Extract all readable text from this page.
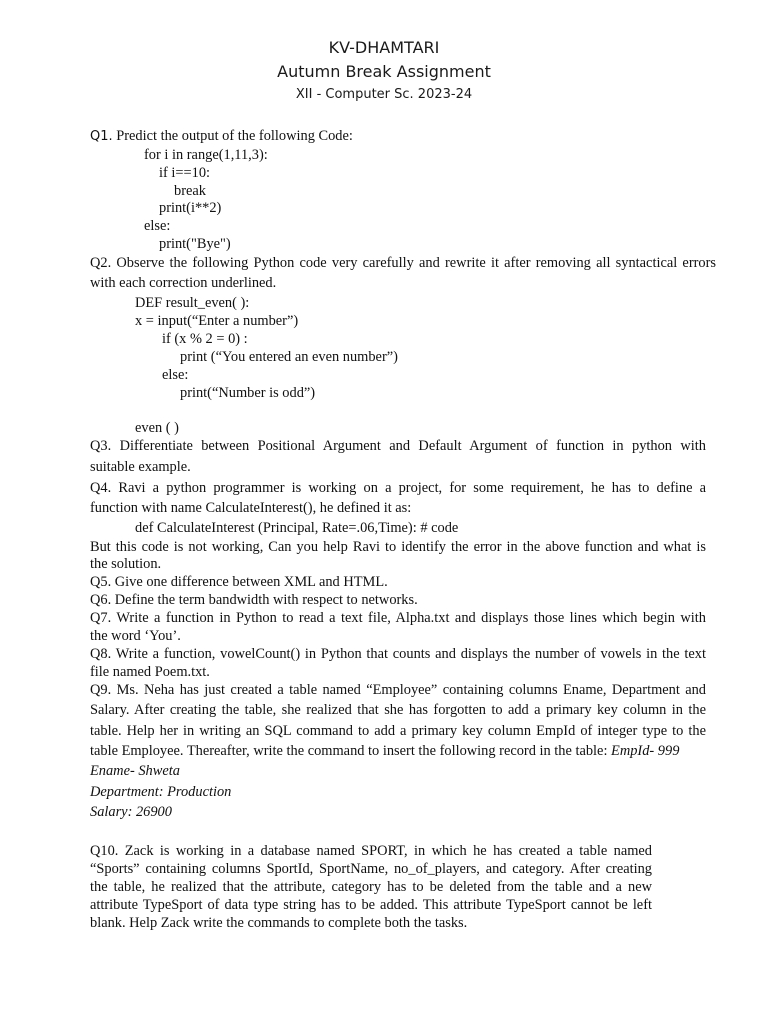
KV-DHAMTARI
Autumn Break Assignment
XII - Computer Sc. 2023-24
Q1. Predict the output of the following Code:
for i in range(1,11,3):
if i==10:
break
print(i**2)
else:
print("Bye")
Q2. Observe the following Python code very carefully and rewrite it after removing all syntactical errors
with each correction underlined.
DEF result_even( ):
x = input(“Enter a number”)
if (x % 2 = 0) :
print (“You entered an even number”)
else:
print(“Number is odd”)
even ( )
Q3. Differentiate between Positional Argument and Default Argument of function in python with
suitable example.
Q4. Ravi a python programmer is working on a project, for some requirement, he has to define a
function with name CalculateInterest(), he defined it as:
def CalculateInterest (Principal, Rate=.06,Time): # code
But this code is not working, Can you help Ravi to identify the error in the above function and what is
the solution.
Q5. Give one difference between XML and HTML.
Q6. Define the term bandwidth with respect to networks.
Q7. Write a function in Python to read a text file, Alpha.txt and displays those lines which begin with
the word ‘You’.
Q8. Write a function, vowelCount() in Python that counts and displays the number of vowels in the text
file named Poem.txt.
Q9. Ms. Neha has just created a table named “Employee” containing columns Ename, Department and
Salary. After creating the table, she realized that she has forgotten to add a primary key column in the
table. Help her in writing an SQL command to add a primary key column EmpId of integer type to the
table Employee. Thereafter, write the command to insert the following record in the table: EmpId- 999
Ename- Shweta
Department: Production
Salary: 26900
Q10. Zack is working in a database named SPORT, in which he has created a table named
“Sports” containing columns SportId, SportName, no_of_players, and category. After creating
the table, he realized that the attribute, category has to be deleted from the table and a new
attribute TypeSport of data type string has to be added. This attribute TypeSport cannot be left
blank. Help Zack write the commands to complete both the tasks.
